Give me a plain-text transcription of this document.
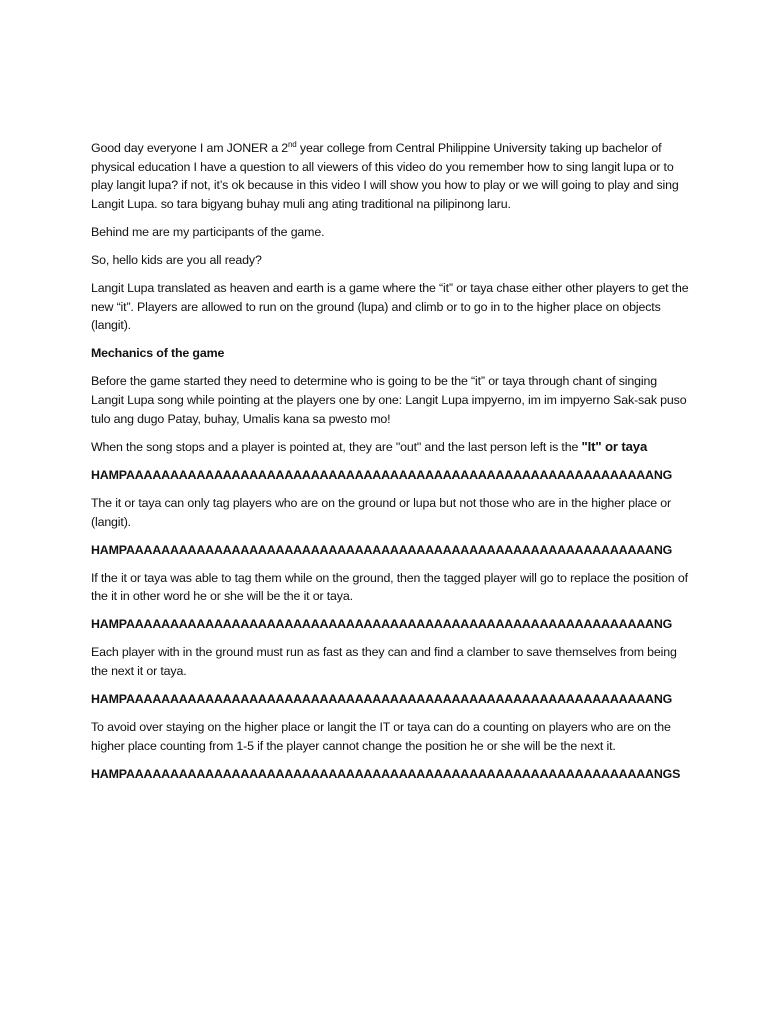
Good day everyone I am JONER a 2nd year college from Central Philippine University taking up bachelor of physical education I have a question to all viewers of this video do you remember how to sing langit lupa or to play langit lupa? if not, it’s ok because in this video I will show you how to play or we will going to play and sing Langit Lupa. so tara bigyang buhay muli ang ating traditional na pilipinong laru.

Behind me are my participants of the game.

So, hello kids are you all ready?

Langit Lupa translated as heaven and earth is a game where the “it” or taya chase either other players to get the new “it”. Players are allowed to run on the ground (lupa) and climb or to go in to the higher place on objects (langit).

Mechanics of the game

Before the game started they need to determine who is going to be the “it” or taya through chant of singing Langit Lupa song while pointing at the players one by one: Langit Lupa impyerno, im im impyerno Sak-sak puso tulo ang dugo Patay, buhay, Umalis kana sa pwesto mo!

When the song stops and a player is pointed at, they are "out" and the last person left is the "It" or taya

HAMPAAAAAAAAAAAAAAAAAAAAAAAAAAAAAAAAAAAAAAAAAAAAAAAAAAAAAAAAAAAANG

The it or taya can only tag players who are on the ground or lupa but not those who are in the higher place or (langit).

HAMPAAAAAAAAAAAAAAAAAAAAAAAAAAAAAAAAAAAAAAAAAAAAAAAAAAAAAAAAAAAANG

If the it or taya was able to tag them while on the ground, then the tagged player will go to replace the position of the it in other word he or she will be the it or taya.

HAMPAAAAAAAAAAAAAAAAAAAAAAAAAAAAAAAAAAAAAAAAAAAAAAAAAAAAAAAAAAAANG

Each player with in the ground must run as fast as they can and find a clamber to save themselves from being the next it or taya.

HAMPAAAAAAAAAAAAAAAAAAAAAAAAAAAAAAAAAAAAAAAAAAAAAAAAAAAAAAAAAAAANG

To avoid over staying on the higher place or langit the IT or taya can do a counting on players who are on the higher place counting from 1-5 if the player cannot change the position he or she will be the next it.

HAMPAAAAAAAAAAAAAAAAAAAAAAAAAAAAAAAAAAAAAAAAAAAAAAAAAAAAAAAAAAAANGS
